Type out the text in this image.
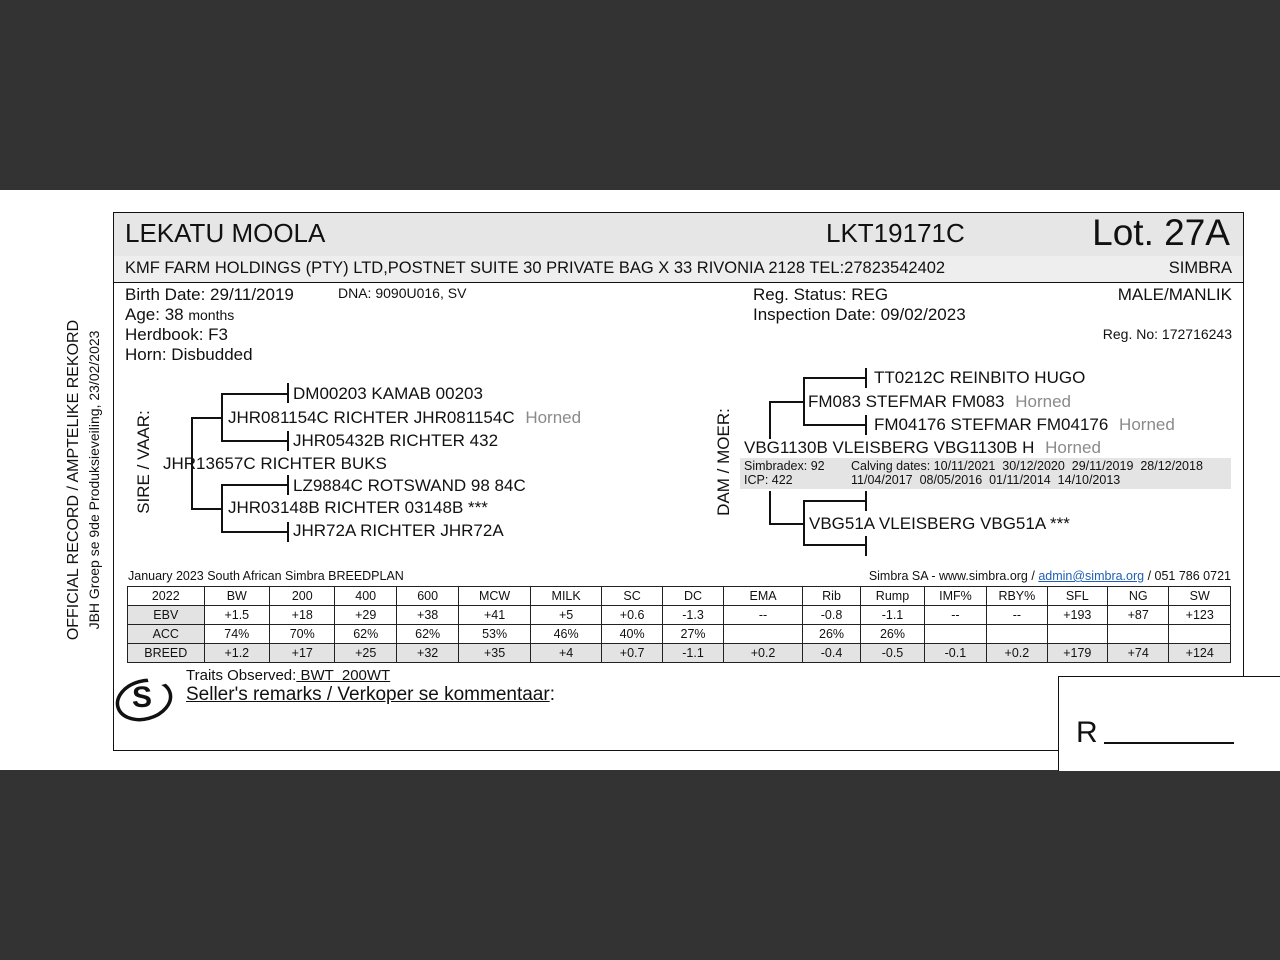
OFFICIAL RECORD / AMPTELIKE REKORD JBH Groep se 9de Produksieveiling, 23/02/2023
LEKATU MOOLA	LKT19171C	Lot. 27A
KMF FARM HOLDINGS (PTY) LTD,POSTNET SUITE 30 PRIVATE BAG X 33 RIVONIA 2128 TEL:27823542402	SIMBRA
Birth Date: 29/11/2019	DNA: 9090U016, SV
Age: 38 months
Herdbook: F3
Horn: Disbudded
Reg. Status: REG
Inspection Date: 09/02/2023
MALE/MANLIK
Reg. No: 172716243
SIRE / VAAR:
DM00203 KAMAB 00203
JHR081154C RICHTER JHR081154C Horned
JHR05432B RICHTER 432
JHR13657C RICHTER BUKS
LZ9884C ROTSWAND 98 84C
JHR03148B RICHTER 03148B ***
JHR72A RICHTER JHR72A
DAM / MOER:
TT0212C REINBITO HUGO
FM083 STEFMAR FM083 Horned
FM04176 STEFMAR FM04176 Horned
VBG1130B VLEISBERG VBG1130B H Horned
Simbradex: 92
ICP: 422
Calving dates: 10/11/2021  30/12/2020  29/11/2019  28/12/2018
11/04/2017  08/05/2016  01/11/2014  14/10/2013
VBG51A VLEISBERG VBG51A ***
January 2023 South African Simbra BREEDPLAN	Simbra SA - www.simbra.org / admin@simbra.org / 051 786 0721
2022	BW	200	400	600	MCW	MILK	SC	DC	EMA	Rib	Rump	IMF%	RBY%	SFL	NG	SW
EBV	+1.5	+18	+29	+38	+41	+5	+0.6	-1.3	--	-0.8	-1.1	--	--	+193	+87	+123
ACC	74%	70%	62%	62%	53%	46%	40%	27%		26%	26%					
BREED	+1.2	+17	+25	+32	+35	+4	+0.7	-1.1	+0.2	-0.4	-0.5	-0.1	+0.2	+179	+74	+124
S
Traits Observed: BWT  200WT
Seller's remarks / Verkoper se kommentaar:
R
